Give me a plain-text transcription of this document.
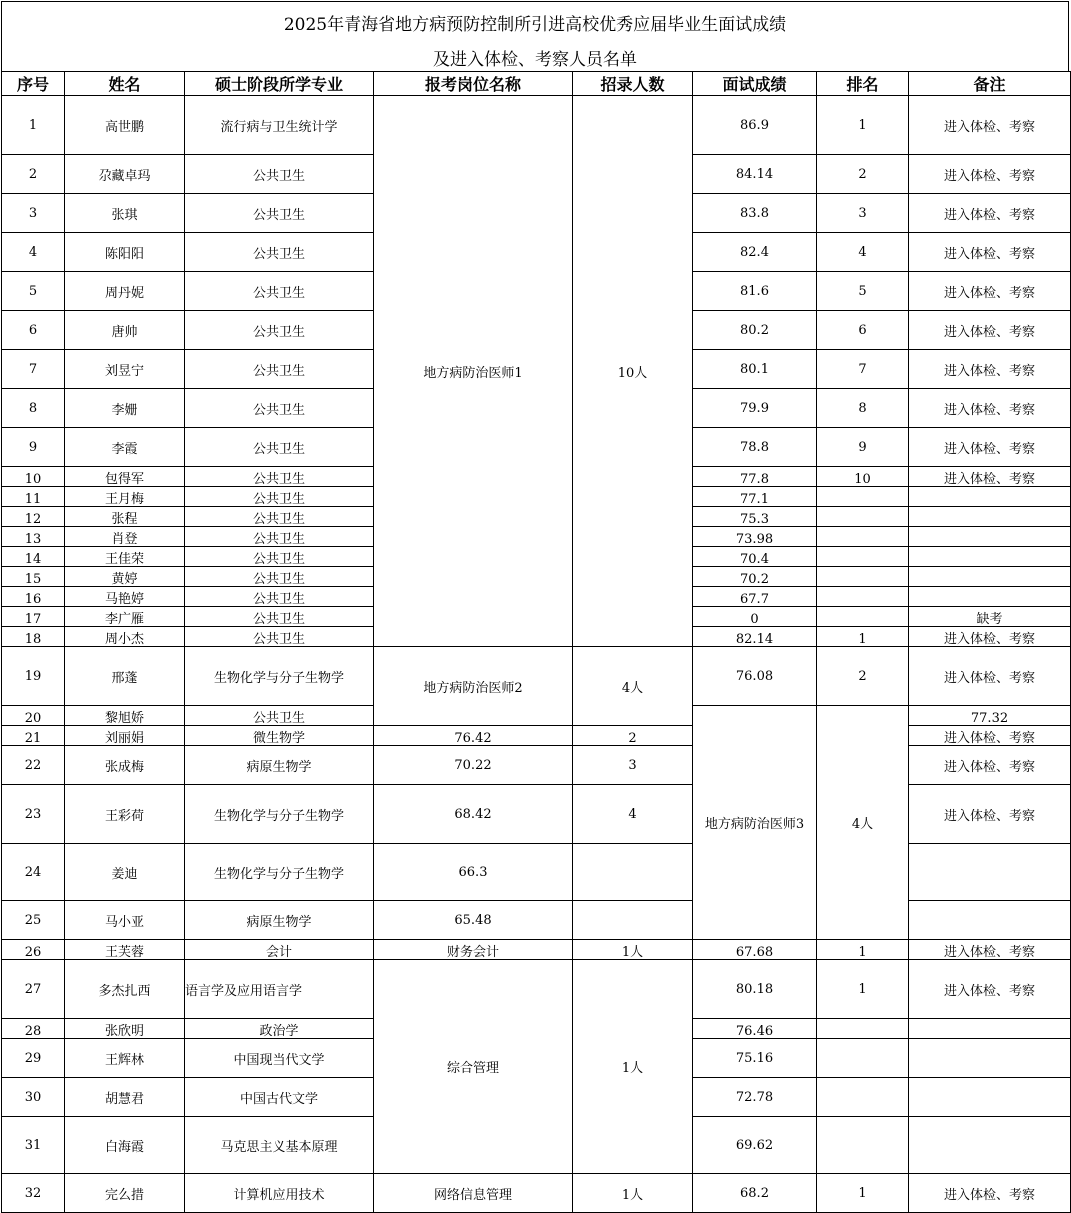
2025年青海省地方病预防控制所引进高校优秀应届毕业生面试成绩
及进入体检、考察人员名单
序号	姓名	硕士阶段所学专业	报考岗位名称	招录人数	面试成绩	排名	备注	
1	高世鹏	流行病与卫生统计学	地方病防治医师1	10人	86.9	1	进入体检、考察	
2	尕藏卓玛	公共卫生			84.14	2	进入体检、考察	
3	张琪	公共卫生			83.8	3	进入体检、考察	
4	陈阳阳	公共卫生			82.4	4	进入体检、考察	
5	周丹妮	公共卫生			81.6	5	进入体检、考察	
6	唐帅	公共卫生			80.2	6	进入体检、考察	
7	刘昱宁	公共卫生			80.1	7	进入体检、考察	
8	李姗	公共卫生			79.9	8	进入体检、考察	
9	李霞	公共卫生			78.8	9	进入体检、考察	
10	包得军	公共卫生			77.8	10	进入体检、考察	
11	王月梅	公共卫生			77.1			
12	张程	公共卫生			75.3			
13	肖登	公共卫生			73.98			
14	王佳荣	公共卫生			70.4			
15	黄婷	公共卫生			70.2			
16	马艳婷	公共卫生			67.7			
17	李广雁	公共卫生			0		缺考	
18	周小杰	公共卫生			82.14	1	进入体检、考察	
19	邢蓬	生物化学与分子生物学	地方病防治医师2	4人	76.08	2	进入体检、考察	
20	黎旭娇	公共卫生			地方病防治医师3	4人	77.32		
21	刘丽娟	微生物学	76.42	2			进入体检、考察	
22	张成梅	病原生物学	70.22	3			进入体检、考察	
23	王彩荷	生物化学与分子生物学	68.42	4			进入体检、考察	
24	姜迪	生物化学与分子生物学	66.3					
25	马小亚	病原生物学	65.48					
26	王芙蓉	会计	财务会计	1人	67.68	1	进入体检、考察	
27	多杰扎西	语言学及应用语言学	综合管理	1人	80.18	1	进入体检、考察	
28	张欣明	政治学			76.46			
29	王辉林	中国现当代文学			75.16			
30	胡慧君	中国古代文学			72.78			
31	白海霞	马克思主义基本原理			69.62			
32	完么措	计算机应用技术	网络信息管理	1人	68.2	1	进入体检、考察	
